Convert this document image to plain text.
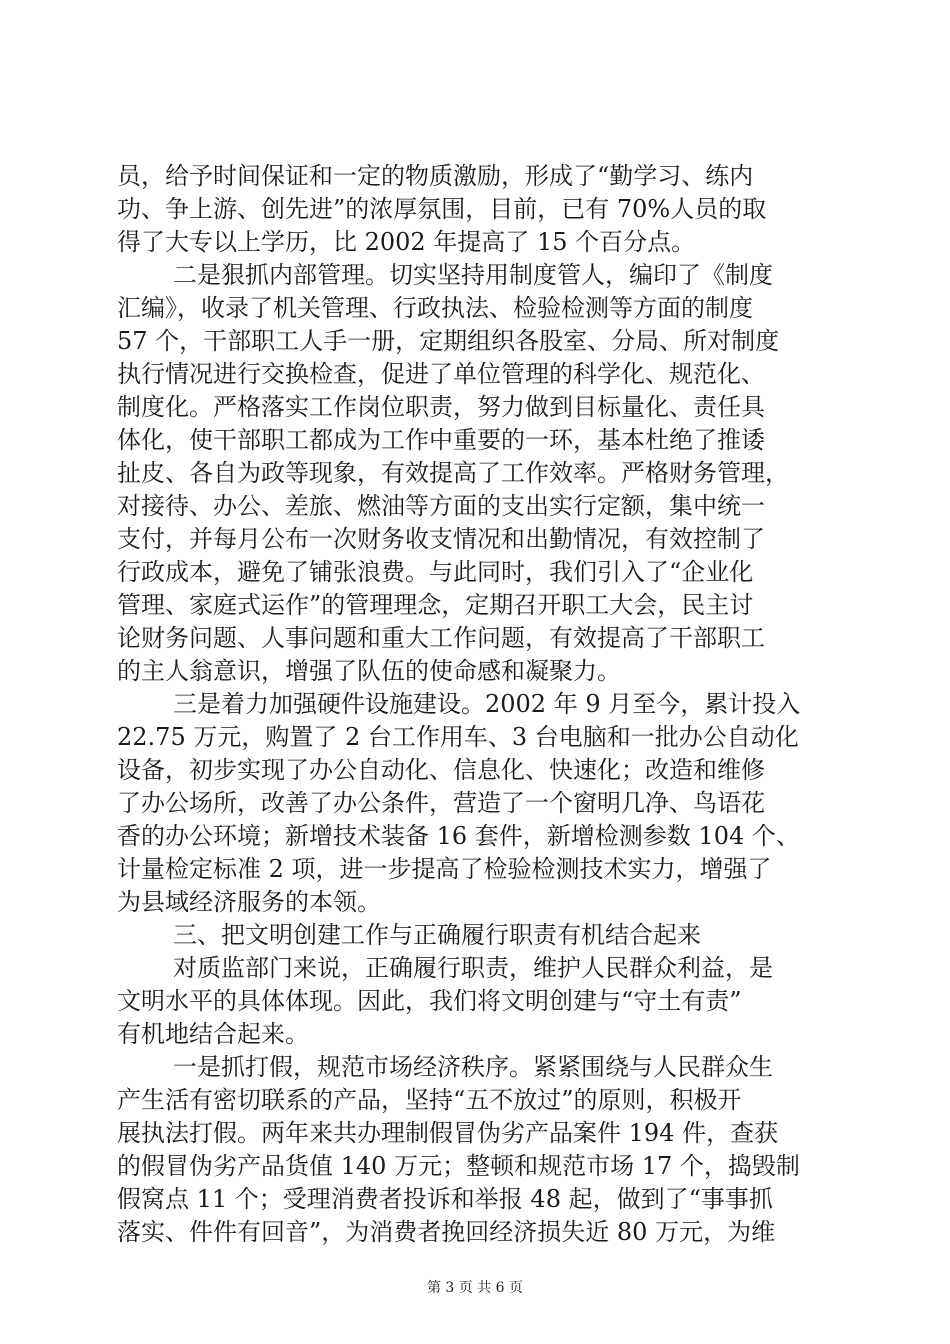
员，给予时间保证和一定的物质激励，形成了“勤学习、练内
功、争上游、创先进”的浓厚氛围，目前，已有 70%人员的取
得了大专以上学历，比 2002 年提高了 15 个百分点。
二是狠抓内部管理。切实坚持用制度管人，编印了《制度
汇编》，收录了机关管理、行政执法、检验检测等方面的制度
57 个，干部职工人手一册，定期组织各股室、分局、所对制度
执行情况进行交换检查，促进了单位管理的科学化、规范化、
制度化。严格落实工作岗位职责，努力做到目标量化、责任具
体化，使干部职工都成为工作中重要的一环，基本杜绝了推诿
扯皮、各自为政等现象，有效提高了工作效率。严格财务管理，
对接待、办公、差旅、燃油等方面的支出实行定额，集中统一
支付，并每月公布一次财务收支情况和出勤情况，有效控制了
行政成本，避免了铺张浪费。与此同时，我们引入了“企业化
管理、家庭式运作”的管理理念，定期召开职工大会，民主讨
论财务问题、人事问题和重大工作问题，有效提高了干部职工
的主人翁意识，增强了队伍的使命感和凝聚力。
三是着力加强硬件设施建设。2002 年 9 月至今，累计投入
22.75 万元，购置了 2 台工作用车、3 台电脑和一批办公自动化
设备，初步实现了办公自动化、信息化、快速化；改造和维修
了办公场所，改善了办公条件，营造了一个窗明几净、鸟语花
香的办公环境；新增技术装备 16 套件，新增检测参数 104 个、
计量检定标准 2 项，进一步提高了检验检测技术实力，增强了
为县域经济服务的本领。
三、把文明创建工作与正确履行职责有机结合起来
对质监部门来说，正确履行职责，维护人民群众利益，是
文明水平的具体体现。因此，我们将文明创建与“守土有责”
有机地结合起来。
一是抓打假，规范市场经济秩序。紧紧围绕与人民群众生
产生活有密切联系的产品，坚持“五不放过”的原则，积极开
展执法打假。两年来共办理制假冒伪劣产品案件 194 件，查获
的假冒伪劣产品货值 140 万元；整顿和规范市场 17 个，捣毁制
假窝点 11 个；受理消费者投诉和举报 48 起，做到了“事事抓
落实、件件有回音”，为消费者挽回经济损失近 80 万元，为维
第 3 页 共 6 页
